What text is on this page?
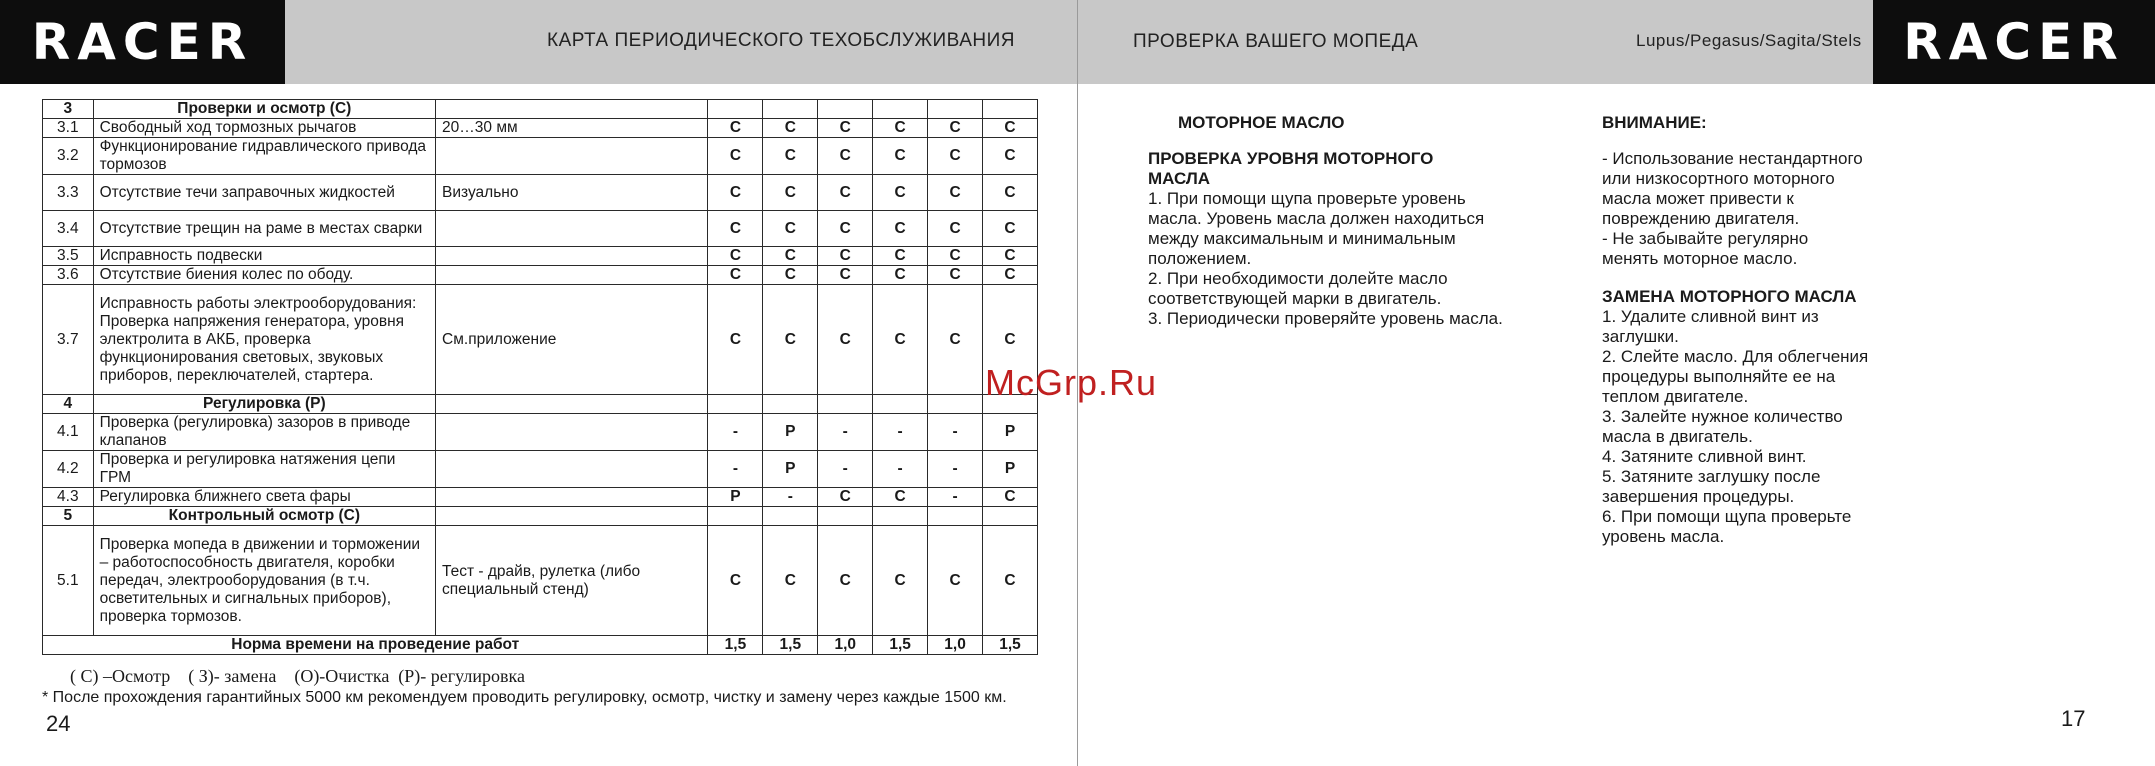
RACER	КАРТА ПЕРИОДИЧЕСКОГО ТЕХОБСЛУЖИВАНИЯ
3	Проверки и осмотр (С)							
3.1	Свободный ход тормозных рычагов	20…30 мм	С	С	С	С	С	С
3.2	Функционирование гидравлического привода тормозов		С	С	С	С	С	С
3.3	Отсутствие течи заправочных жидкостей	Визуально	С	С	С	С	С	С
3.4	Отсутствие трещин на раме в местах сварки		С	С	С	С	С	С
3.5	Исправность подвески		С	С	С	С	С	С
3.6	Отсутствие биения колес по ободу.		С	С	С	С	С	С
3.7	Исправность работы электрооборудования: Проверка напряжения генератора, уровня электролита в АКБ, проверка функционирования световых, звуковых приборов, переключателей, стартера.	См.приложение	С	С	С	С	С	С
4	Регулировка (Р)							
4.1	Проверка (регулировка) зазоров в приводе клапанов		-	Р	-	-	-	Р
4.2	Проверка и регулировка натяжения цепи ГРМ		-	Р	-	-	-	Р
4.3	Регулировка ближнего света фары		Р	-	С	С	-	С
5	Контрольный осмотр (С)							
5.1	Проверка мопеда в движении и торможении – работоспособность двигателя, коробки передач, электрооборудования (в т.ч. осветительных и сигнальных приборов), проверка тормозов.	Тест - драйв, рулетка (либо специальный стенд)	С	С	С	С	С	С
Норма времени на проведение работ			1,5	1,5	1,0	1,5	1,0	1,5
( С) –Осмотр    ( З)- замена    (О)-Очистка  (Р)- регулировка
* После прохождения гарантийных 5000 км рекомендуем проводить регулировку, осмотр, чистку и замену через каждые 1500 км.
24
ПРОВЕРКА ВАШЕГО МОПЕДА	Lupus/Pegasus/Sagita/Stels RACER
МОТОРНОЕ МАСЛО
ПРОВЕРКА УРОВНЯ МОТОРНОГО МАСЛА
1. При помощи щупа проверьте уровень
масла. Уровень масла должен находиться
между максимальным и минимальным
положением.
2. При необходимости долейте масло
соответствующей марки в двигатель.
3. Периодически проверяйте уровень масла.
ВНИМАНИЕ:
- Использование нестандартного
или низкосортного моторного
масла может привести к
повреждению двигателя.
- Не забывайте регулярно
менять моторное масло.
ЗАМЕНА МОТОРНОГО МАСЛА
1. Удалите сливной винт из
заглушки.
2. Слейте масло. Для облегчения
процедуры выполняйте ее на
теплом двигателе.
3. Залейте нужное количество
масла в двигатель.
4. Затяните сливной винт.
5. Затяните заглушку после
завершения процедуры.
6. При помощи щупа проверьте
уровень масла.
17
McGrp.Ru
